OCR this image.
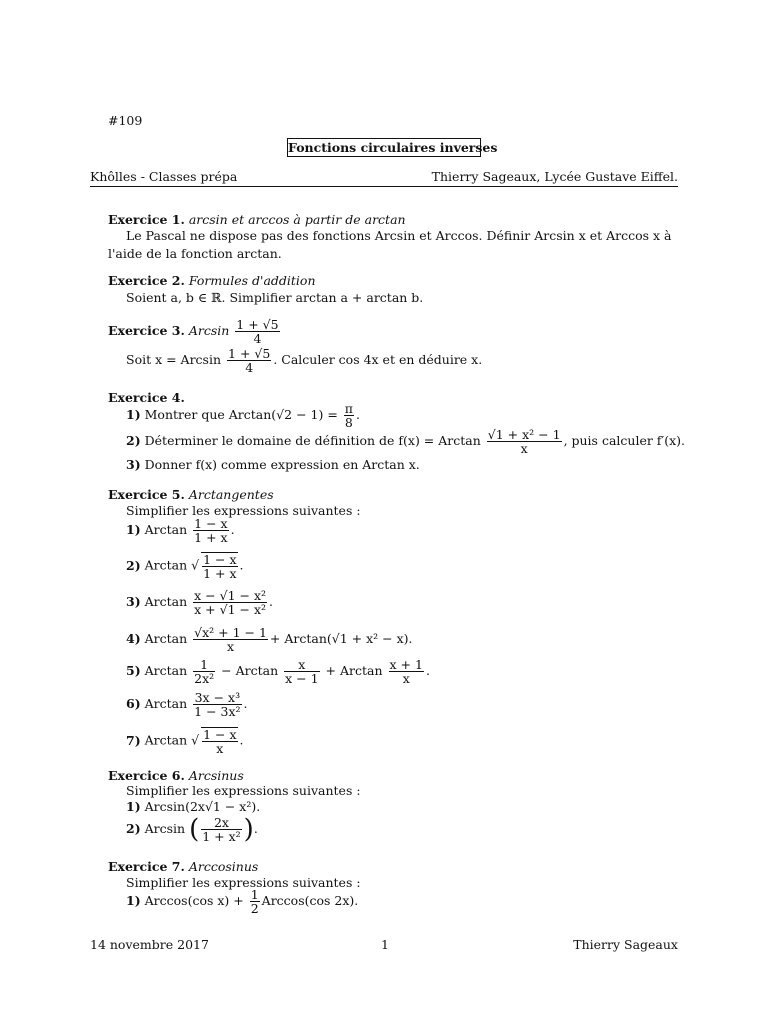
#109
Fonctions circulaires inverses
Khôlles - Classes prépa	Thierry Sageaux, Lycée Gustave Eiffel.
Exercice 1. arcsin et arccos à partir de arctan
Le Pascal ne dispose pas des fonctions Arcsin et Arccos. Définir Arcsin x et Arccos x à l'aide de la fonction arctan.
Exercice 2. Formules d'addition
Soient a, b ∈ ℝ. Simplifier arctan a + arctan b.
Exercice 3. Arcsin $\frac{1 + √5}{4}$
Soit x = Arcsin $\frac{1 + √5}{4}$ . Calculer cos 4x et en déduire x.
Exercice 4.
1) Montrer que $Arctan(√2 - 1) = \frac{\pi}{8}$ .
2) Déterminer le domaine de définition de f(x) = Arctan $\frac{\text{√1 + x² − 1}}{x}$ , puis calculer f′(x).
3) Donner f(x) comme expression en Arctan x.
Exercice 5. Arctangentes
Simplifier les expressions suivantes :
1) Arctan $\frac{1 - x}{1 + x}$ .
2) Arctan √ $\frac{1 - x}{1 + x}$ .
3) Arctan $\frac{\text{x − √1 − x²}}{\text{x + √1 − x²}}$ .
4) Arctan $\frac{\text{√x² + 1 − 1}}{x} + Arctan(√1 + x^2 - x)$.
5) Arctan $\frac{1}{\text{2x²}} - Arctan \frac{x}{x - 1} + Arctan \frac{x + 1}{x}$ .
6) Arctan $\frac{\text{3x − x³}}{\text{1 − 3x²}}$ .
7) Arctan √ $\frac{1 - x}{x}$ .
Exercice 6. Arcsinus
Simplifier les expressions suivantes :
1) Arcsin(2x√1 − x²).
2) Arcsin ( $\frac{2x}{\text{1 + x²}}$ ).
Exercice 7. Arccosinus
Simplifier les expressions suivantes :
1) Arccos(cos $x) + \frac{1}{2} Arccos(\cos$ 2x).
14 novembre 2017	1	Thierry Sageaux
